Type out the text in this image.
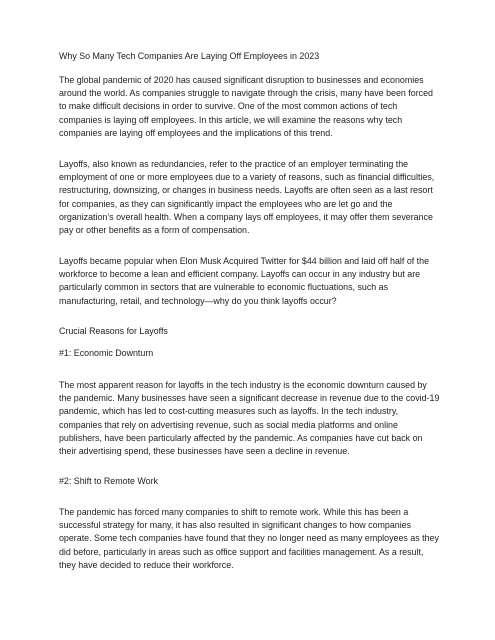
Why So Many Tech Companies Are Laying Off Employees in 2023

The global pandemic of 2020 has caused significant disruption to businesses and economies around the world. As companies struggle to navigate through the crisis, many have been forced to make difficult decisions in order to survive. One of the most common actions of tech companies is laying off employees. In this article, we will examine the reasons why tech companies are laying off employees and the implications of this trend.

Layoffs, also known as redundancies, refer to the practice of an employer terminating the employment of one or more employees due to a variety of reasons, such as financial difficulties, restructuring, downsizing, or changes in business needs. Layoffs are often seen as a last resort for companies, as they can significantly impact the employees who are let go and the organization’s overall health. When a company lays off employees, it may offer them severance pay or other benefits as a form of compensation.

Layoffs became popular when Elon Musk Acquired Twitter for $44 billion and laid off half of the workforce to become a lean and efficient company. Layoffs can occur in any industry but are particularly common in sectors that are vulnerable to economic fluctuations, such as manufacturing, retail, and technology—why do you think layoffs occur?

Crucial Reasons for Layoffs

#1: Economic Downturn

The most apparent reason for layoffs in the tech industry is the economic downturn caused by the pandemic. Many businesses have seen a significant decrease in revenue due to the covid-19 pandemic, which has led to cost-cutting measures such as layoffs. In the tech industry, companies that rely on advertising revenue, such as social media platforms and online publishers, have been particularly affected by the pandemic. As companies have cut back on their advertising spend, these businesses have seen a decline in revenue.

#2: Shift to Remote Work

The pandemic has forced many companies to shift to remote work. While this has been a successful strategy for many, it has also resulted in significant changes to how companies operate. Some tech companies have found that they no longer need as many employees as they did before, particularly in areas such as office support and facilities management. As a result, they have decided to reduce their workforce.
